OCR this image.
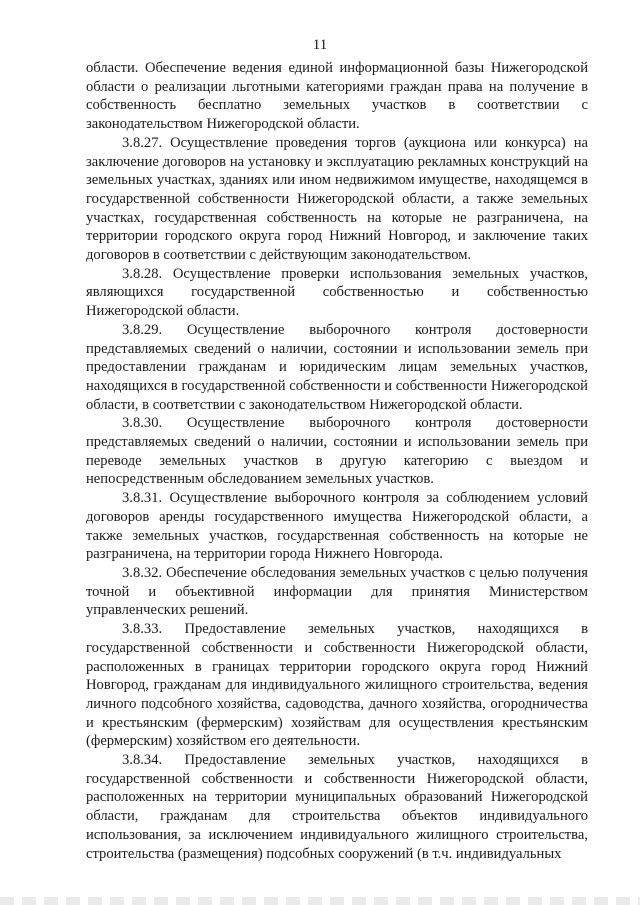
11

области. Обеспечение ведения единой информационной базы Нижегородской области о реализации льготными категориями граждан права на получение в собственность бесплатно земельных участков в соответствии с законодательством Нижегородской области.

3.8.27. Осуществление проведения торгов (аукциона или конкурса) на заключение договоров на установку и эксплуатацию рекламных конструкций на земельных участках, зданиях или ином недвижимом имуществе, находящемся в государственной собственности Нижегородской области, а также земельных участках, государственная собственность на которые не разграничена, на территории городского округа город Нижний Новгород, и заключение таких договоров в соответствии с действующим законодательством.

3.8.28. Осуществление проверки использования земельных участков, являющихся государственной собственностью и собственностью Нижегородской области.

3.8.29. Осуществление выборочного контроля достоверности представляемых сведений о наличии, состоянии и использовании земель при предоставлении гражданам и юридическим лицам земельных участков, находящихся в государственной собственности и собственности Нижегородской области, в соответствии с законодательством Нижегородской области.

3.8.30. Осуществление выборочного контроля достоверности представляемых сведений о наличии, состоянии и использовании земель при переводе земельных участков в другую категорию с выездом и непосредственным обследованием земельных участков.

3.8.31. Осуществление выборочного контроля за соблюдением условий договоров аренды государственного имущества Нижегородской области, а также земельных участков, государственная собственность на которые не разграничена, на территории города Нижнего Новгорода.

3.8.32. Обеспечение обследования земельных участков с целью получения точной и объективной информации для принятия Министерством управленческих решений.

3.8.33. Предоставление земельных участков, находящихся в государственной собственности и собственности Нижегородской области, расположенных в границах территории городского округа город Нижний Новгород, гражданам для индивидуального жилищного строительства, ведения личного подсобного хозяйства, садоводства, дачного хозяйства, огородничества и крестьянским (фермерским) хозяйствам для осуществления крестьянским (фермерским) хозяйством его деятельности.

3.8.34. Предоставление земельных участков, находящихся в государственной собственности и собственности Нижегородской области, расположенных на территории муниципальных образований Нижегородской области, гражданам для строительства объектов индивидуального использования, за исключением индивидуального жилищного строительства, строительства (размещения) подсобных сооружений (в т.ч. индивидуальных
